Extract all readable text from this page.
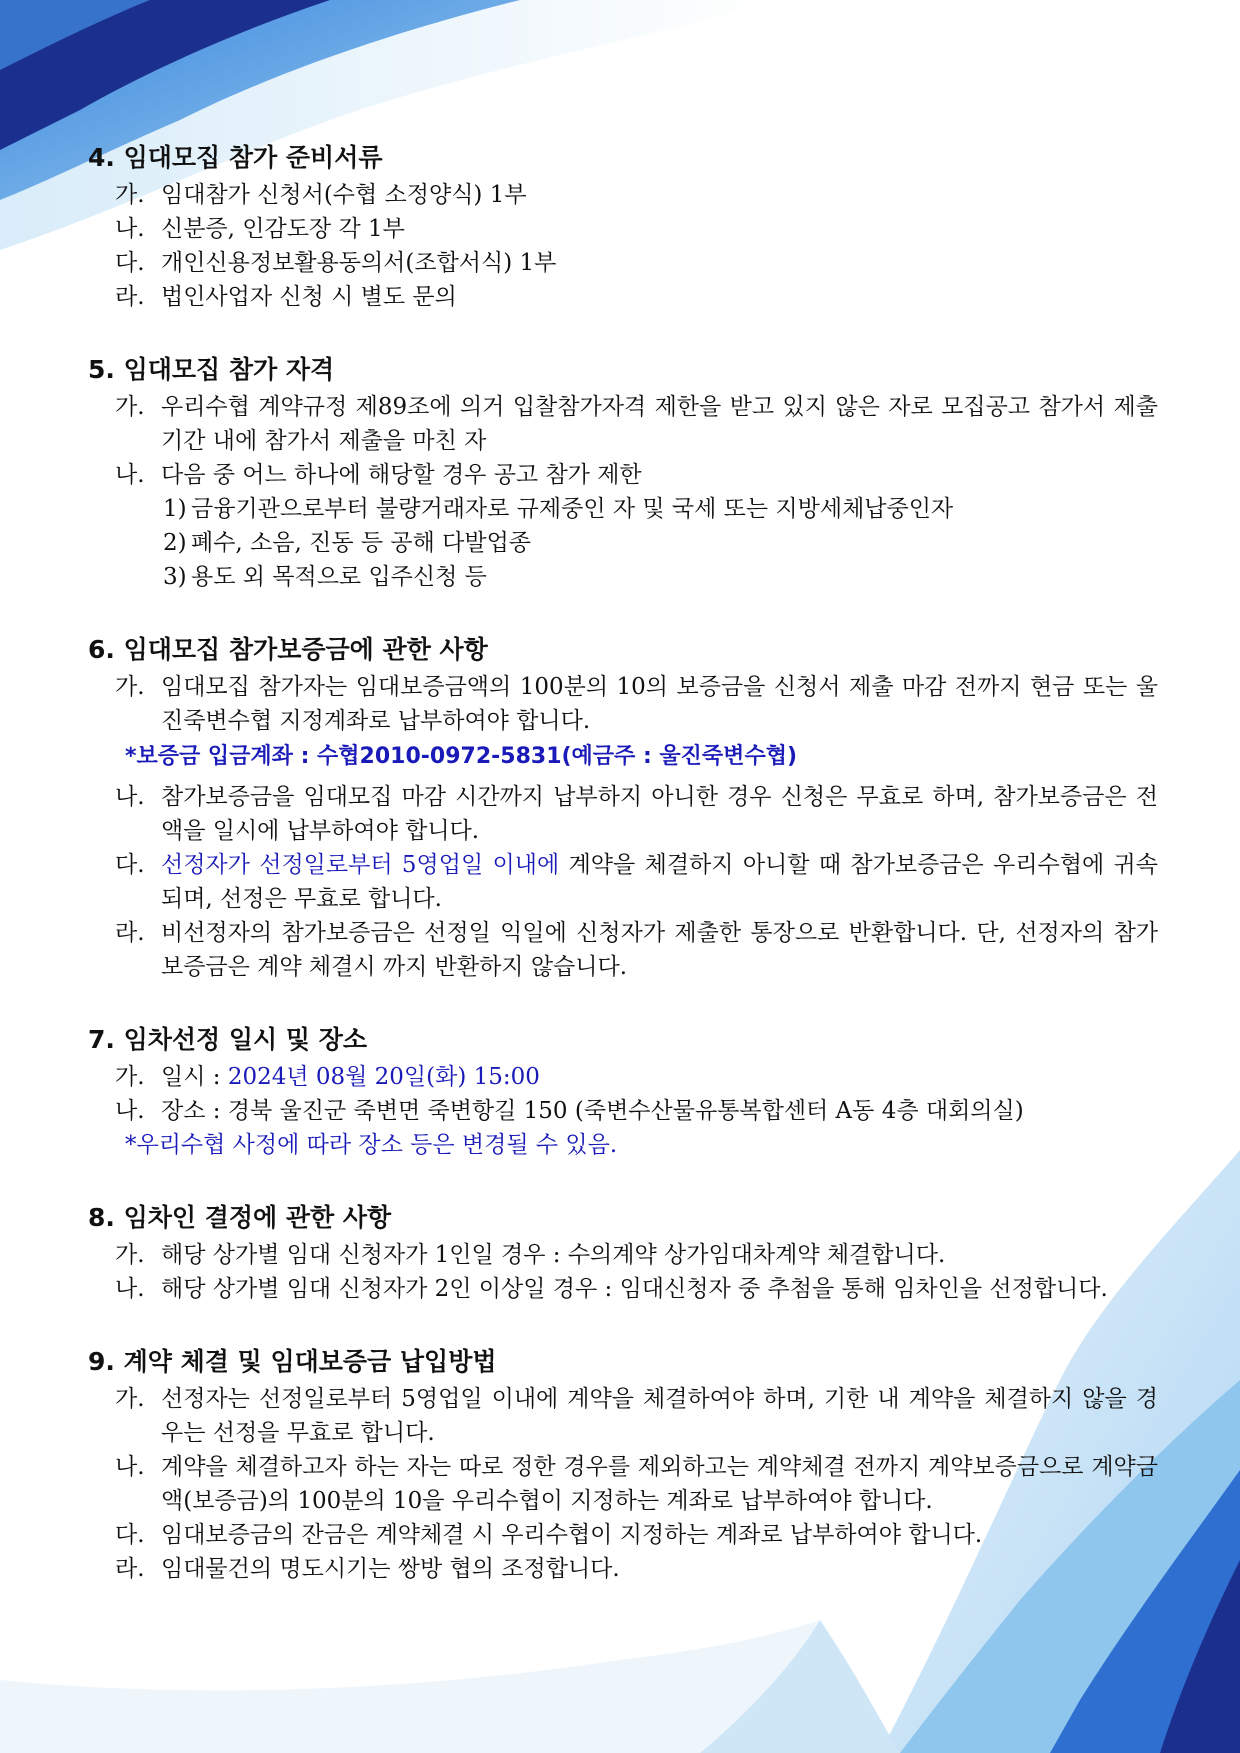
4. 임대모집 참가 준비서류
가. 임대참가 신청서(수협 소정양식) 1부
나. 신분증, 인감도장 각 1부
다. 개인신용정보활용동의서(조합서식) 1부
라. 법인사업자 신청 시 별도 문의
5. 임대모집 참가 자격
가. 우리수협 계약규정 제89조에 의거 입찰참가자격 제한을 받고 있지 않은 자로 모집공고 참가서 제출기간 내에 참가서 제출을 마친 자
나. 다음 중 어느 하나에 해당할 경우 공고 참가 제한
1) 금융기관으로부터 불량거래자로 규제중인 자 및 국세 또는 지방세체납중인자
2) 폐수, 소음, 진동 등 공해 다발업종
3) 용도 외 목적으로 입주신청 등
6. 임대모집 참가보증금에 관한 사항
가. 임대모집 참가자는 임대보증금액의 100분의 10의 보증금을 신청서 제출 마감 전까지 현금 또는 울진죽변수협 지정계좌로 납부하여야 합니다.
*보증금 입금계좌 : 수협2010-0972-5831(예금주 : 울진죽변수협)
나. 참가보증금을 임대모집 마감 시간까지 납부하지 아니한 경우 신청은 무효로 하며, 참가보증금은 전액을 일시에 납부하여야 합니다.
다. 선정자가 선정일로부터 5영업일 이내에 계약을 체결하지 아니할 때 참가보증금은 우리수협에 귀속되며, 선정은 무효로 합니다.
라. 비선정자의 참가보증금은 선정일 익일에 신청자가 제출한 통장으로 반환합니다. 단, 선정자의 참가보증금은 계약 체결시 까지 반환하지 않습니다.
7. 임차선정 일시 및 장소
가. 일시 : 2024년 08월 20일(화) 15:00
나. 장소 : 경북 울진군 죽변면 죽변항길 150 (죽변수산물유통복합센터 A동 4층 대회의실)
*우리수협 사정에 따라 장소 등은 변경될 수 있음.
8. 임차인 결정에 관한 사항
가. 해당 상가별 임대 신청자가 1인일 경우 : 수의계약 상가임대차계약 체결합니다.
나. 해당 상가별 임대 신청자가 2인 이상일 경우 : 임대신청자 중 추첨을 통해 임차인을 선정합니다.
9. 계약 체결 및 임대보증금 납입방법
가. 선정자는 선정일로부터 5영업일 이내에 계약을 체결하여야 하며, 기한 내 계약을 체결하지 않을 경우는 선정을 무효로 합니다.
나. 계약을 체결하고자 하는 자는 따로 정한 경우를 제외하고는 계약체결 전까지 계약보증금으로 계약금액(보증금)의 100분의 10을 우리수협이 지정하는 계좌로 납부하여야 합니다.
다. 임대보증금의 잔금은 계약체결 시 우리수협이 지정하는 계좌로 납부하여야 합니다.
라. 임대물건의 명도시기는 쌍방 협의 조정합니다.
